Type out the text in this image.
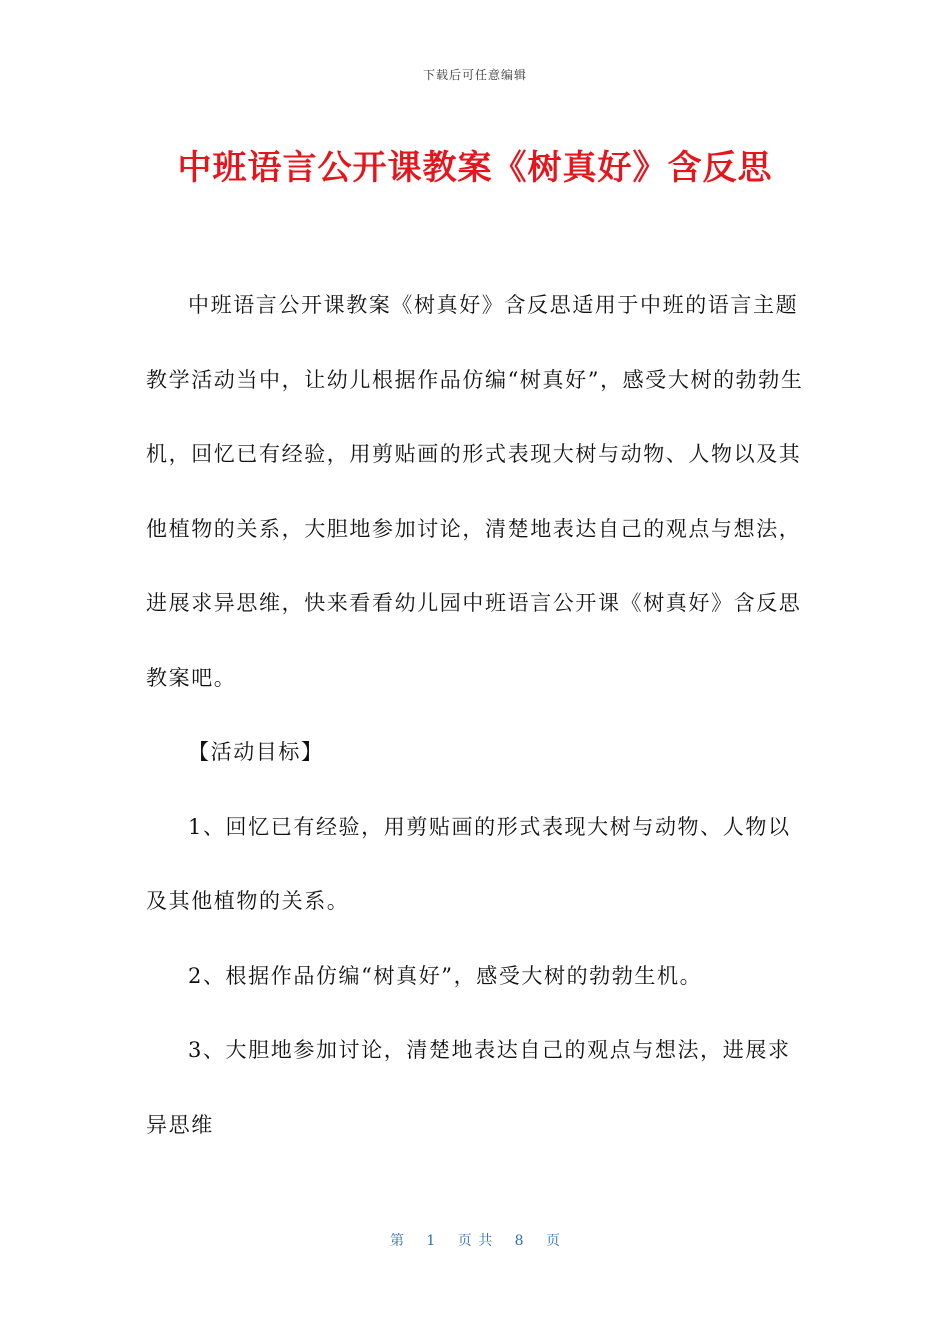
下载后可任意编辑
中班语言公开课教案《树真好》含反思

中班语言公开课教案《树真好》含反思适用于中班的语言主题教学活动当中，让幼儿根据作品仿编“树真好”，感受大树的勃勃生机，回忆已有经验，用剪贴画的形式表现大树与动物、人物以及其他植物的关系，大胆地参加讨论，清楚地表达自己的观点与想法，进展求异思维，快来看看幼儿园中班语言公开课《树真好》含反思教案吧。

【活动目标】

1、回忆已有经验，用剪贴画的形式表现大树与动物、人物以及其他植物的关系。

2、根据作品仿编“树真好”，感受大树的勃勃生机。

3、大胆地参加讨论，清楚地表达自己的观点与想法，进展求异思维

第 1 页 共 8 页
